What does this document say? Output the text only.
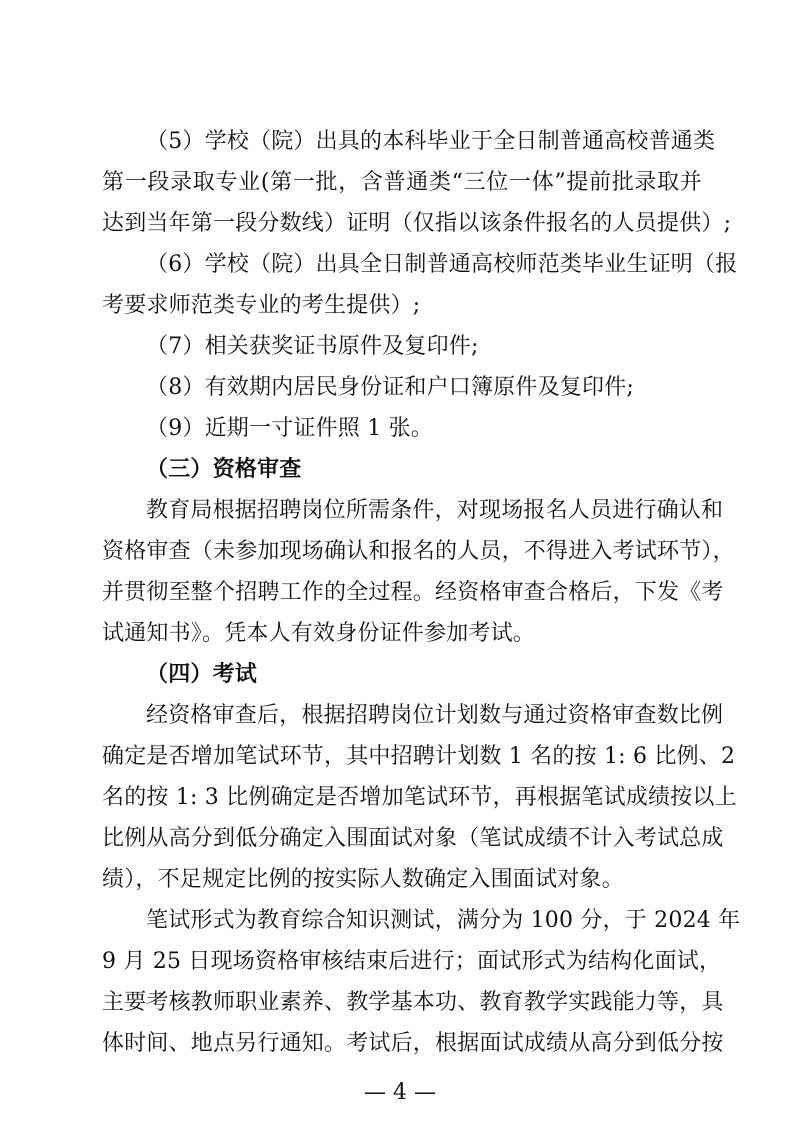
（5）学校（院）出具的本科毕业于全日制普通高校普通类
第一段录取专业(第一批，含普通类“三位一体”提前批录取并
达到当年第一段分数线）证明（仅指以该条件报名的人员提供）;
（6）学校（院）出具全日制普通高校师范类毕业生证明（报
考要求师范类专业的考生提供）;
（7）相关获奖证书原件及复印件;
（8）有效期内居民身份证和户口簿原件及复印件;
（9）近期一寸证件照 1 张。
（三）资格审查
教育局根据招聘岗位所需条件，对现场报名人员进行确认和
资格审查（未参加现场确认和报名的人员，不得进入考试环节），
并贯彻至整个招聘工作的全过程。经资格审查合格后，下发《考
试通知书》。凭本人有效身份证件参加考试。
（四）考试
经资格审查后，根据招聘岗位计划数与通过资格审查数比例
确定是否增加笔试环节，其中招聘计划数 1 名的按 1: 6 比例、2
名的按 1: 3 比例确定是否增加笔试环节，再根据笔试成绩按以上
比例从高分到低分确定入围面试对象（笔试成绩不计入考试总成
绩），不足规定比例的按实际人数确定入围面试对象。
笔试形式为教育综合知识测试，满分为 100 分，于 2024 年
9 月 25 日现场资格审核结束后进行；面试形式为结构化面试，
主要考核教师职业素养、教学基本功、教育教学实践能力等，具
体时间、地点另行通知。考试后，根据面试成绩从高分到低分按
— 4 —
